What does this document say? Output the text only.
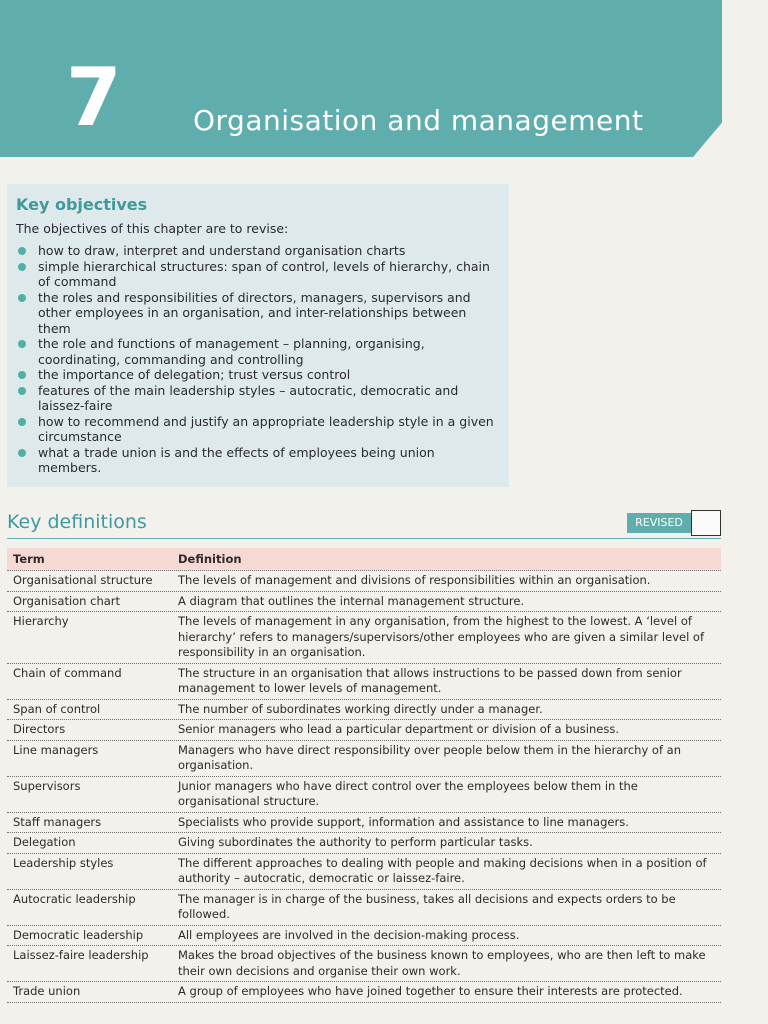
7	Organisation and management
Key objectives
The objectives of this chapter are to revise:
how to draw, interpret and understand organisation charts
simple hierarchical structures: span of control, levels of hierarchy, chain of command
the roles and responsibilities of directors, managers, supervisors and other employees in an organisation, and inter-relationships between them
the role and functions of management – planning, organising, coordinating, commanding and controlling
the importance of delegation; trust versus control
features of the main leadership styles – autocratic, democratic and laissez-faire
how to recommend and justify an appropriate leadership style in a given circumstance
what a trade union is and the effects of employees being union members.
Key definitions	REVISED
Term	Definition
Organisational structure	The levels of management and divisions of responsibilities within an organisation.
Organisation chart	A diagram that outlines the internal management structure.
Hierarchy	The levels of management in any organisation, from the highest to the lowest. A ‘level of hierarchy’ refers to managers/supervisors/other employees who are given a similar level of responsibility in an organisation.
Chain of command	The structure in an organisation that allows instructions to be passed down from senior management to lower levels of management.
Span of control	The number of subordinates working directly under a manager.
Directors	Senior managers who lead a particular department or division of a business.
Line managers	Managers who have direct responsibility over people below them in the hierarchy of an organisation.
Supervisors	Junior managers who have direct control over the employees below them in the organisational structure.
Staff managers	Specialists who provide support, information and assistance to line managers.
Delegation	Giving subordinates the authority to perform particular tasks.
Leadership styles	The different approaches to dealing with people and making decisions when in a position of authority – autocratic, democratic or laissez-faire.
Autocratic leadership	The manager is in charge of the business, takes all decisions and expects orders to be followed.
Democratic leadership	All employees are involved in the decision-making process.
Laissez-faire leadership	Makes the broad objectives of the business known to employees, who are then left to make their own decisions and organise their own work.
Trade union	A group of employees who have joined together to ensure their interests are protected.
